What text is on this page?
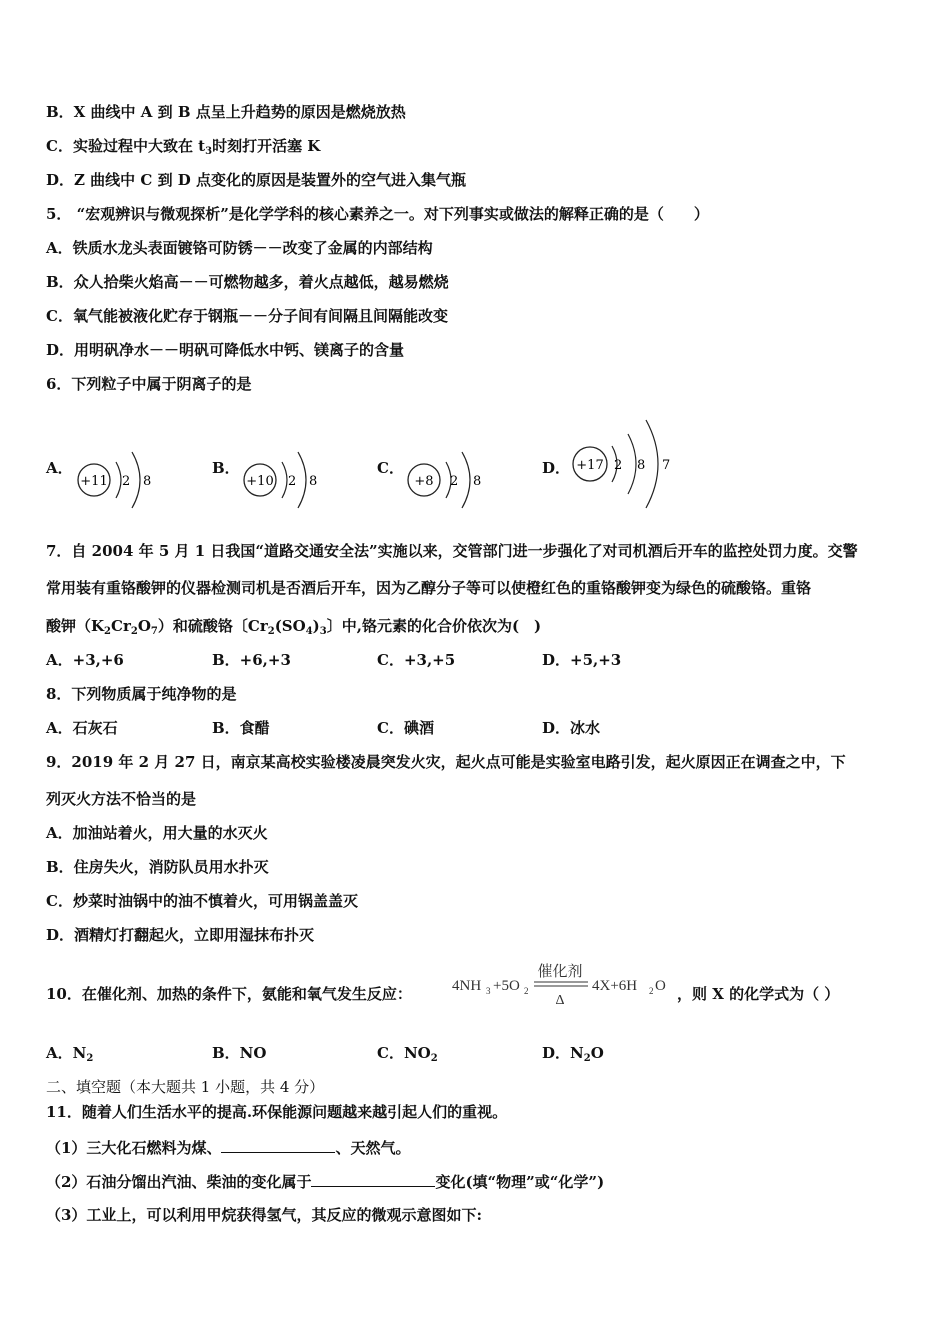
B．X 曲线中 A 到 B 点呈上升趋势的原因是燃烧放热
C．实验过程中大致在 $t_3$时刻打开活塞 K
D．Z 曲线中 C 到 D 点变化的原因是装置外的空气进入集气瓶
5． “宏观辨识与微观探析”是化学学科的核心素养之一。对下列事实或做法的解释正确的是（　　）
A．铁质水龙头表面镀铬可防锈－－改变了金属的内部结构
B．众人拾柴火焰高－－可燃物越多，着火点越低，越易燃烧
C．氧气能被液化贮存于钢瓶－－分子间有间隔且间隔能改变
D．用明矾净水－－明矾可降低水中钙、镁离子的含量
6．下列粒子中属于阴离子的是
A．
+11 2 8
B．
+10 2 8
C．
+8 2 8
D． +17 2 8 7
7．自 2004 年 5 月 1 日我国“道路交通安全法”实施以来，交管部门进一步强化了对司机酒后开车的监控处罚力度。交警
常用装有重铬酸钾的仪器检测司机是否酒后开车，因为乙醇分子等可以使橙红色的重铬酸钾变为绿色的硫酸铬。重铬
酸钾$(K_2Cr_2O_7)$和硫酸铬〔$Cr_2(SO_4)_3$〕中,铬元素的化合价依次为(　)
A．+3,+6	B．+6,+3	C．+3,+5	D．+5,+3
8．下列物质属于纯净物的是
A．石灰石	B．食醋	C．碘酒	D．冰水
9．2019 年 2 月 27 日，南京某高校实验楼凌晨突发火灾，起火点可能是实验室电路引发，起火原因正在调查之中，下
列灭火方法不恰当的是
A．加油站着火，用大量的水灭火
B．住房失火，消防队员用水扑灭
C．炒菜时油锅中的油不慎着火，可用锅盖盖灭
D．酒精灯打翻起火，立即用湿抹布扑灭
10．在催化剂、加热的条件下，氨能和氧气发生反应：	4NH 3 +5O 2
催化剂
Δ
4X+6H 2 O ，则 X 的化学式为（ ）
A．$N_2$	B．NO	C．$NO_2$	D．$N_2O$
二、填空题（本大题共 1 小题，共 4 分）
11．随着人们生活水平的提高.环保能源问题越来越引起人们的重视。
（1）三大化石燃料为煤、	、天然气。
（2）石油分馏出汽油、柴油的变化属于	变化(填“物理”或“化学”)
（3）工业上，可以利用甲烷获得氢气，其反应的微观示意图如下:
